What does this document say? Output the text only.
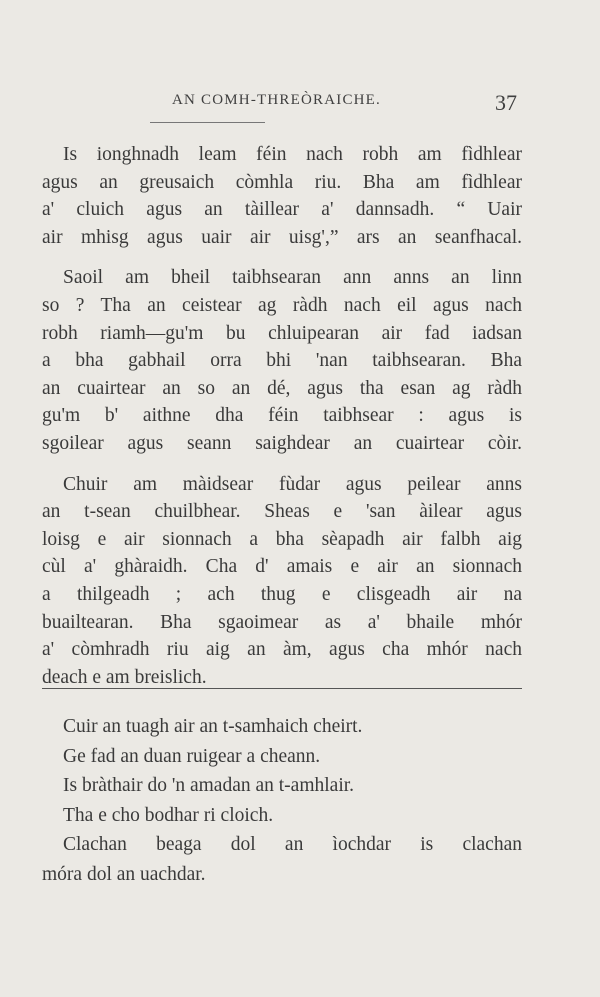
AN COMH-THREÒRAICHE.	37

Is ionghnadh leam féin nach robh am fìdhlear
agus an greusaich còmhla riu. Bha am fìdhlear
a' cluich agus an tàillear a' dannsadh. “ Uair
air mhisg agus uair air uisg',” ars an seanfhacal.

Saoil am bheil taibhsearan ann anns an linn
so ? Tha an ceistear ag ràdh nach eil agus nach
robh riamh—gu'm bu chluipearan air fad iadsan
a bha gabhail orra bhi 'nan taibhsearan. Bha
an cuairtear an so an dé, agus tha esan ag ràdh
gu'm b' aithne dha féin taibhsear : agus is
sgoilear agus seann saighdear an cuairtear còir.

Chuir am màidsear fùdar agus peilear anns
an t-sean chuilbhear. Sheas e 'san àilear agus
loisg e air sionnach a bha sèapadh air falbh aig
cùl a' ghàraidh. Cha d' amais e air an sionnach
a thilgeadh ; ach thug e clisgeadh air na
buailtearan. Bha sgaoimear as a' bhaile mhór
a' còmhradh riu aig an àm, agus cha mhór nach
deach e am breislich.

Cuir an tuagh air an t-samhaich cheirt.
Ge fad an duan ruigear a cheann.
Is bràthair do 'n amadan an t-amhlair.
Tha e cho bodhar ri cloich.
Clachan beaga dol an ìochdar is clachan
móra dol an uachdar.
